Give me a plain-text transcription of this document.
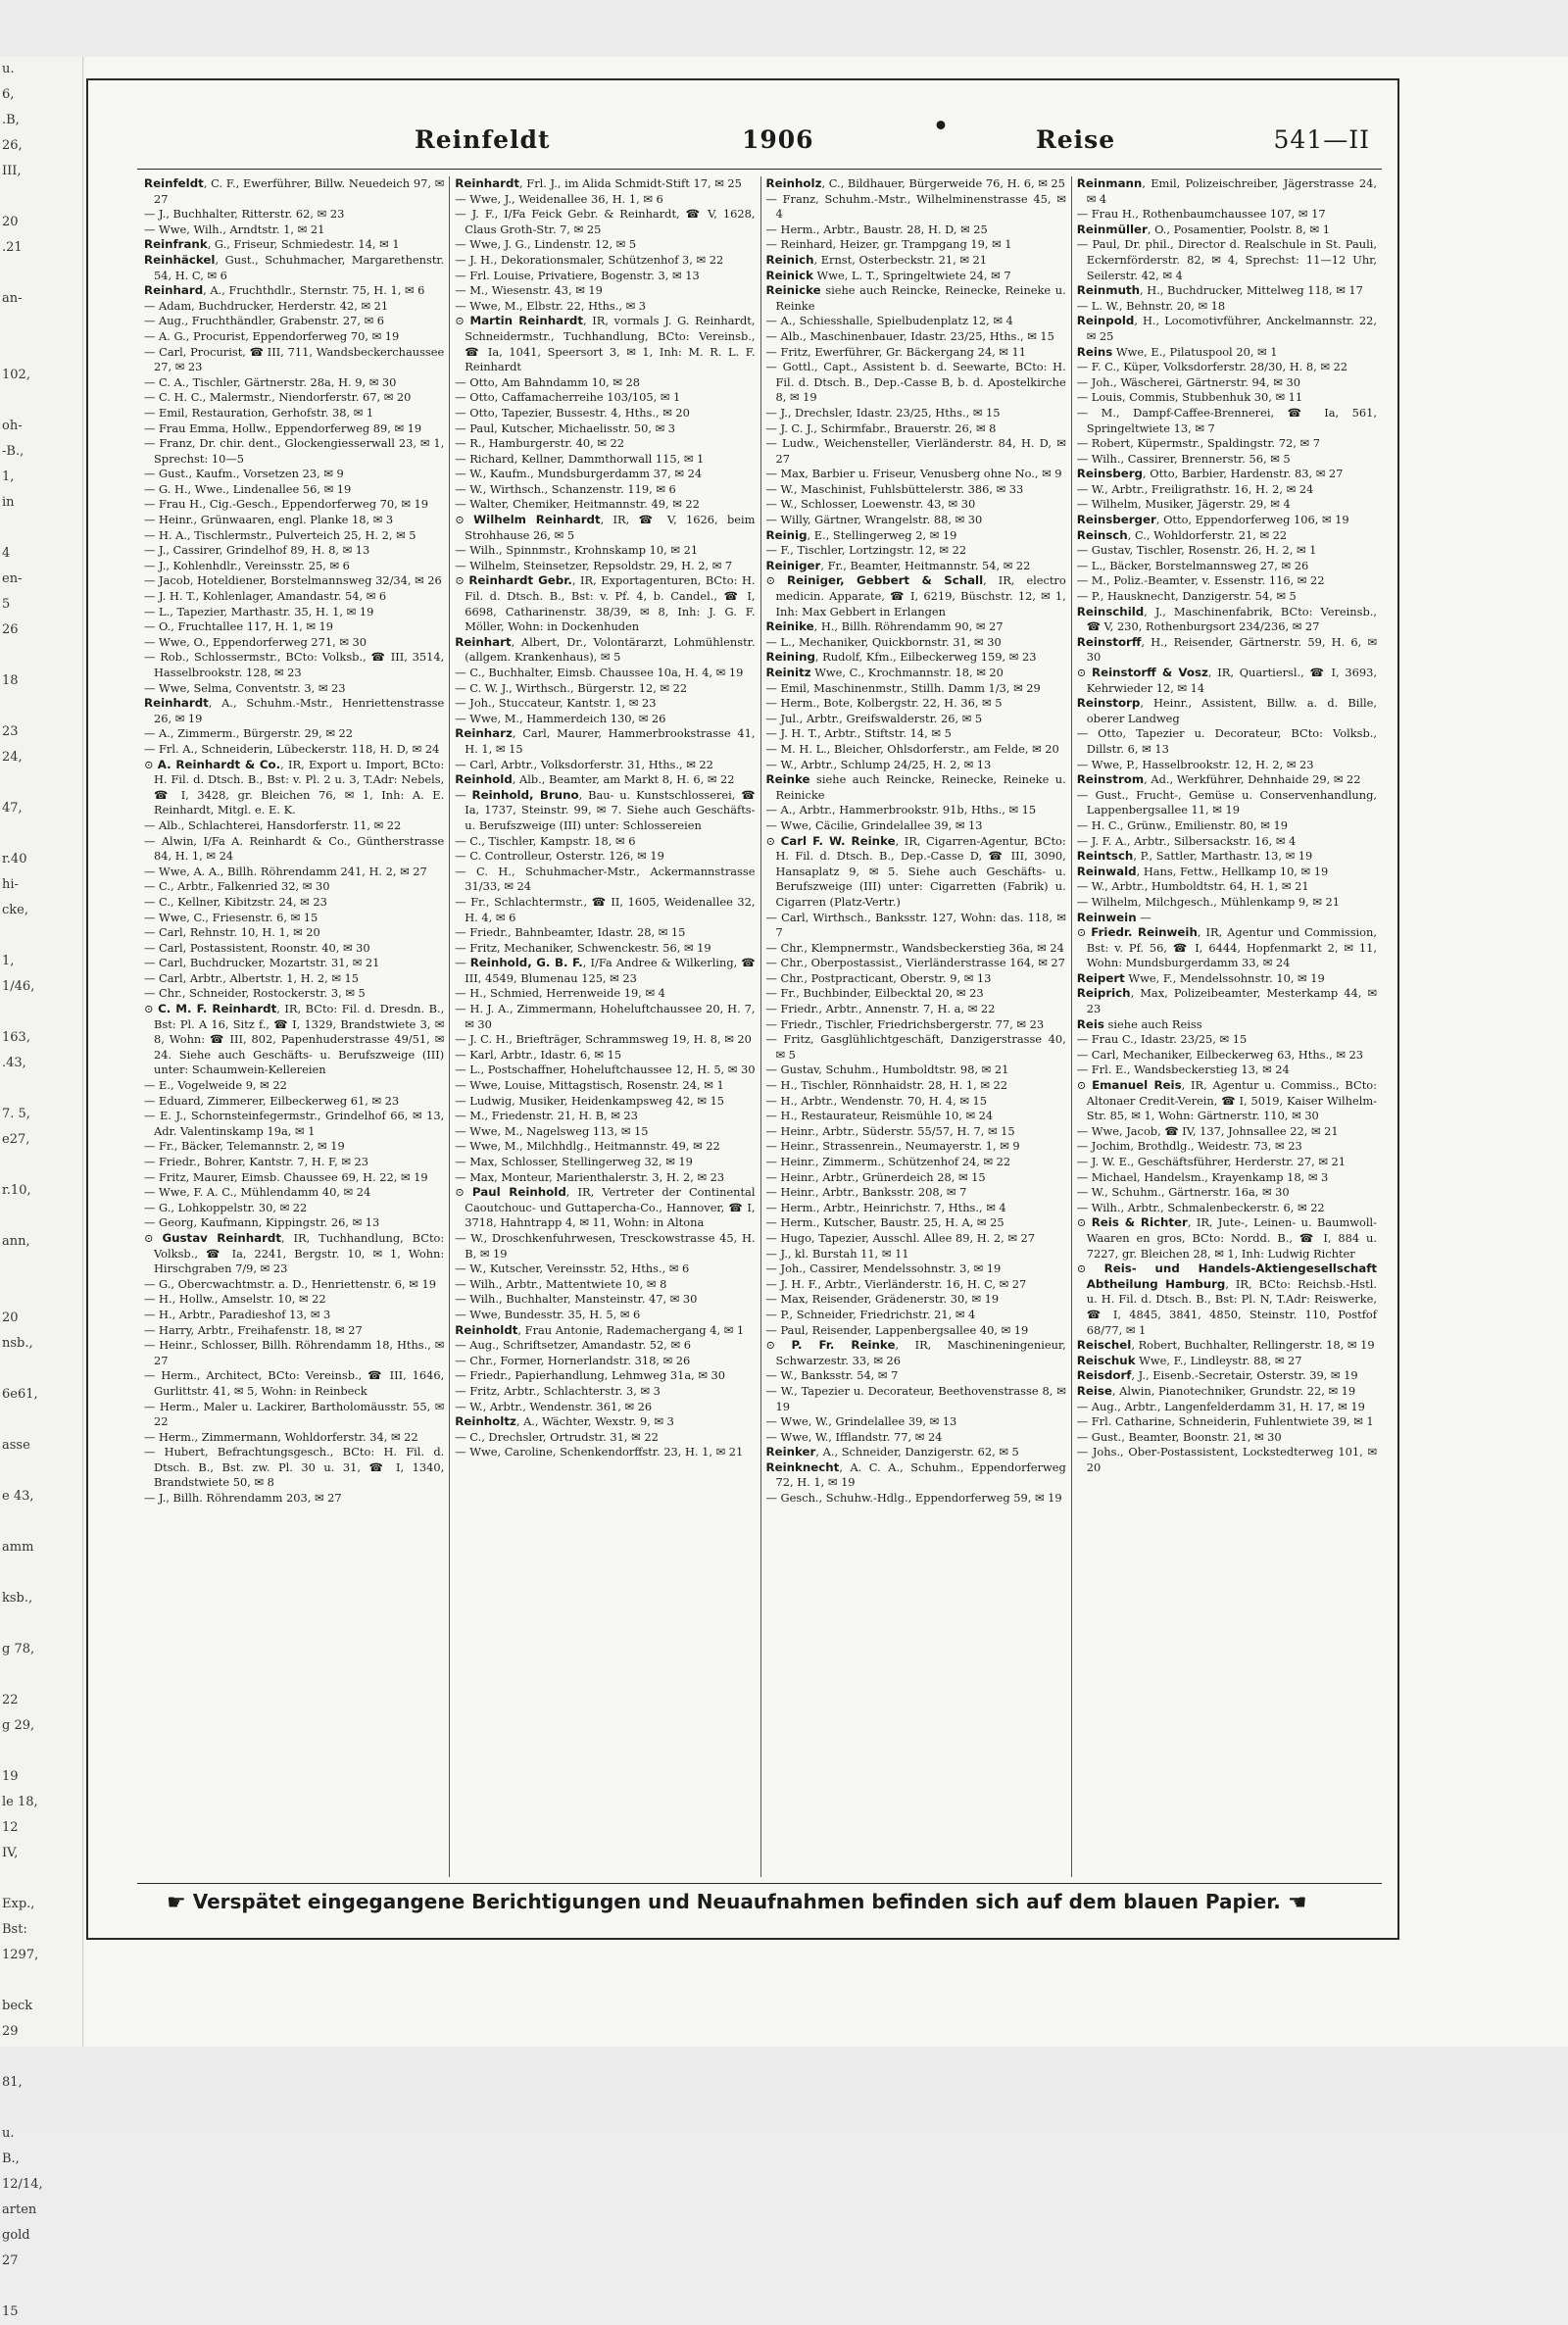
u.
6,
.B,
26,
III,

20
.21

an-

102,

oh-
-B.,
1,
in

4
en-
5
26

18

23
24,

47,

r.40
hi-
cke,

1,
1/46,

163,
.43,

7. 5,
e27,

r.10,

ann,

20
nsb.,

6e61,

asse

e 43,

amm

ksb.,

g 78,

22
g 29,

19
le 18,
12
IV,

Exp.,
Bst:
1297,

beck
29

81,

u.
B.,
12/14,
arten
gold
27

15
Reinfeldt	1906	•	Reise	541—II

Reinfeldt, C. F., Ewerführer, Billw. Neuedeich 97, ✉ 27

— J., Buchhalter, Ritterstr. 62, ✉ 23

— Wwe, Wilh., Arndtstr. 1, ✉ 21

Reinfrank, G., Friseur, Schmiedestr. 14, ✉ 1

Reinhäckel, Gust., Schuhmacher, Margarethenstr. 54, H. C, ✉ 6

Reinhard, A., Fruchthdlr., Sternstr. 75, H. 1, ✉ 6

— Adam, Buchdrucker, Herderstr. 42, ✉ 21

— Aug., Fruchthändler, Grabenstr. 27, ✉ 6

— A. G., Procurist, Eppendorferweg 70, ✉ 19

— Carl, Procurist, ☎ III, 711, Wandsbeckerchaussee 27, ✉ 23

— C. A., Tischler, Gärtnerstr. 28a, H. 9, ✉ 30

— C. H. C., Malermstr., Niendorferstr. 67, ✉ 20

— Emil, Restauration, Gerhofstr. 38, ✉ 1

— Frau Emma, Hollw., Eppendorferweg 89, ✉ 19

— Franz, Dr. chir. dent., Glockengiesserwall 23, ✉ 1, Sprechst: 10—5

— Gust., Kaufm., Vorsetzen 23, ✉ 9

— G. H., Wwe., Lindenallee 56, ✉ 19

— Frau H., Cig.-Gesch., Eppendorferweg 70, ✉ 19

— Heinr., Grünwaaren, engl. Planke 18, ✉ 3

— H. A., Tischlermstr., Pulverteich 25, H. 2, ✉ 5

— J., Cassirer, Grindelhof 89, H. 8, ✉ 13

— J., Kohlenhdlr., Vereinsstr. 25, ✉ 6

— Jacob, Hoteldiener, Borstelmannsweg 32/34, ✉ 26

— J. H. T., Kohlenlager, Amandastr. 54, ✉ 6

— L., Tapezier, Marthastr. 35, H. 1, ✉ 19

— O., Fruchtallee 117, H. 1, ✉ 19

— Wwe, O., Eppendorferweg 271, ✉ 30

— Rob., Schlossermstr., BCto: Volksb., ☎ III, 3514, Hasselbrookstr. 128, ✉ 23

— Wwe, Selma, Conventstr. 3, ✉ 23

Reinhardt, A., Schuhm.-Mstr., Henriettenstrasse 26, ✉ 19

— A., Zimmerm., Bürgerstr. 29, ✉ 22

— Frl. A., Schneiderin, Lübeckerstr. 118, H. D, ✉ 24

⊙ A. Reinhardt & Co., IR, Export u. Import, BCto: H. Fil. d. Dtsch. B., Bst: v. Pl. 2 u. 3, T.Adr: Nebels, ☎ I, 3428, gr. Bleichen 76, ✉ 1, Inh: A. E. Reinhardt, Mitgl. e. E. K.

— Alb., Schlachterei, Hansdorferstr. 11, ✉ 22

— Alwin, I/Fa A. Reinhardt & Co., Güntherstrasse 84, H. 1, ✉ 24

— Wwe, A. A., Billh. Röhrendamm 241, H. 2, ✉ 27

— C., Arbtr., Falkenried 32, ✉ 30

— C., Kellner, Kibitzstr. 24, ✉ 23

— Wwe, C., Friesenstr. 6, ✉ 15

— Carl, Rehnstr. 10, H. 1, ✉ 20

— Carl, Postassistent, Roonstr. 40, ✉ 30

— Carl, Buchdrucker, Mozartstr. 31, ✉ 21

— Carl, Arbtr., Albertstr. 1, H. 2, ✉ 15

— Chr., Schneider, Rostockerstr. 3, ✉ 5

⊙ C. M. F. Reinhardt, IR, BCto: Fil. d. Dresdn. B., Bst: Pl. A 16, Sitz f., ☎ I, 1329, Brandstwiete 3, ✉ 8, Wohn: ☎ III, 802, Papenhuderstrasse 49/51, ✉ 24. Siehe auch Geschäfts- u. Berufszweige (III) unter: Schaumwein-Kellereien

— E., Vogelweide 9, ✉ 22

— Eduard, Zimmerer, Eilbeckerweg 61, ✉ 23

— E. J., Schornsteinfegermstr., Grindelhof 66, ✉ 13, Adr. Valentinskamp 19a, ✉ 1

— Fr., Bäcker, Telemannstr. 2, ✉ 19

— Friedr., Bohrer, Kantstr. 7, H. F, ✉ 23

— Fritz, Maurer, Eimsb. Chaussee 69, H. 22, ✉ 19

— Wwe, F. A. C., Mühlendamm 40, ✉ 24

— G., Lohkoppelstr. 30, ✉ 22

— Georg, Kaufmann, Kippingstr. 26, ✉ 13

⊙ Gustav Reinhardt, IR, Tuchhandlung, BCto: Volksb., ☎ Ia, 2241, Bergstr. 10, ✉ 1, Wohn: Hirschgraben 7/9, ✉ 23

— G., Obercwachtmstr. a. D., Henriettenstr. 6, ✉ 19

— H., Hollw., Amselstr. 10, ✉ 22

— H., Arbtr., Paradieshof 13, ✉ 3

— Harry, Arbtr., Freihafenstr. 18, ✉ 27

— Heinr., Schlosser, Billh. Röhrendamm 18, Hths., ✉ 27

— Herm., Architect, BCto: Vereinsb., ☎ III, 1646, Gurlittstr. 41, ✉ 5, Wohn: in Reinbeck

— Herm., Maler u. Lackirer, Bartholomäusstr. 55, ✉ 22

— Herm., Zimmermann, Wohldorferstr. 34, ✉ 22

— Hubert, Befrachtungsgesch., BCto: H. Fil. d. Dtsch. B., Bst. zw. Pl. 30 u. 31, ☎ I, 1340, Brandstwiete 50, ✉ 8

— J., Billh. Röhrendamm 203, ✉ 27

Reinhardt, Frl. J., im Alida Schmidt-Stift 17, ✉ 25

— Wwe, J., Weidenallee 36, H. 1, ✉ 6

— J. F., I/Fa Feick Gebr. & Reinhardt, ☎ V, 1628, Claus Groth-Str. 7, ✉ 25

— Wwe, J. G., Lindenstr. 12, ✉ 5

— J. H., Dekorationsmaler, Schützenhof 3, ✉ 22

— Frl. Louise, Privatiere, Bogenstr. 3, ✉ 13

— M., Wiesenstr. 43, ✉ 19

— Wwe, M., Elbstr. 22, Hths., ✉ 3

⊙ Martin Reinhardt, IR, vormals J. G. Reinhardt, Schneidermstr., Tuchhandlung, BCto: Vereinsb., ☎ Ia, 1041, Speersort 3, ✉ 1, Inh: M. R. L. F. Reinhardt

— Otto, Am Bahndamm 10, ✉ 28

— Otto, Caffamacherreihe 103/105, ✉ 1

— Otto, Tapezier, Bussestr. 4, Hths., ✉ 20

— Paul, Kutscher, Michaelisstr. 50, ✉ 3

— R., Hamburgerstr. 40, ✉ 22

— Richard, Kellner, Dammthorwall 115, ✉ 1

— W., Kaufm., Mundsburgerdamm 37, ✉ 24

— W., Wirthsch., Schanzenstr. 119, ✉ 6

— Walter, Chemiker, Heitmannstr. 49, ✉ 22

⊙ Wilhelm Reinhardt, IR, ☎ V, 1626, beim Strohhause 26, ✉ 5

— Wilh., Spinnmstr., Krohnskamp 10, ✉ 21

— Wilhelm, Steinsetzer, Repsoldstr. 29, H. 2, ✉ 7

⊙ Reinhardt Gebr., IR, Exportagenturen, BCto: H. Fil. d. Dtsch. B., Bst: v. Pf. 4, b. Candel., ☎ I, 6698, Catharinenstr. 38/39, ✉ 8, Inh: J. G. F. Möller, Wohn: in Dockenhuden

Reinhart, Albert, Dr., Volontärarzt, Lohmühlenstr. (allgem. Krankenhaus), ✉ 5

— C., Buchhalter, Eimsb. Chaussee 10a, H. 4, ✉ 19

— C. W. J., Wirthsch., Bürgerstr. 12, ✉ 22

— Joh., Stuccateur, Kantstr. 1, ✉ 23

— Wwe, M., Hammerdeich 130, ✉ 26

Reinharz, Carl, Maurer, Hammerbrookstrasse 41, H. 1, ✉ 15

— Carl, Arbtr., Volksdorferstr. 31, Hths., ✉ 22

Reinhold, Alb., Beamter, am Markt 8, H. 6, ✉ 22

— Reinhold, Bruno, Bau- u. Kunstschlosserei, ☎ Ia, 1737, Steinstr. 99, ✉ 7. Siehe auch Geschäfts- u. Berufszweige (III) unter: Schlossereien

— C., Tischler, Kampstr. 18, ✉ 6

— C. Controlleur, Osterstr. 126, ✉ 19

— C. H., Schuhmacher-Mstr., Ackermannstrasse 31/33, ✉ 24

— Fr., Schlachtermstr., ☎ II, 1605, Weidenallee 32, H. 4, ✉ 6

— Friedr., Bahnbeamter, Idastr. 28, ✉ 15

— Fritz, Mechaniker, Schwenckestr. 56, ✉ 19

— Reinhold, G. B. F., I/Fa Andree & Wilkerling, ☎ III, 4549, Blumenau 125, ✉ 23

— H., Schmied, Herrenweide 19, ✉ 4

— H. J. A., Zimmermann, Hoheluftchaussee 20, H. 7, ✉ 30

— J. C. H., Briefträger, Schrammsweg 19, H. 8, ✉ 20

— Karl, Arbtr., Idastr. 6, ✉ 15

— L., Postschaffner, Hoheluftchaussee 12, H. 5, ✉ 30

— Wwe, Louise, Mittagstisch, Rosenstr. 24, ✉ 1

— Ludwig, Musiker, Heidenkampsweg 42, ✉ 15

— M., Friedenstr. 21, H. B, ✉ 23

— Wwe, M., Nagelsweg 113, ✉ 15

— Wwe, M., Milchhdlg., Heitmannstr. 49, ✉ 22

— Max, Schlosser, Stellingerweg 32, ✉ 19

— Max, Monteur, Marienthalerstr. 3, H. 2, ✉ 23

⊙ Paul Reinhold, IR, Vertreter der Continental Caoutchouc- und Guttapercha-Co., Hannover, ☎ I, 3718, Hahntrapp 4, ✉ 11, Wohn: in Altona

— W., Droschkenfuhrwesen, Tresckowstrasse 45, H. B, ✉ 19

— W., Kutscher, Vereinsstr. 52, Hths., ✉ 6

— Wilh., Arbtr., Mattentwiete 10, ✉ 8

— Wilh., Buchhalter, Mansteinstr. 47, ✉ 30

— Wwe, Bundesstr. 35, H. 5, ✉ 6

Reinholdt, Frau Antonie, Rademachergang 4, ✉ 1

— Aug., Schriftsetzer, Amandastr. 52, ✉ 6

— Chr., Former, Hornerlandstr. 318, ✉ 26

— Friedr., Papierhandlung, Lehmweg 31a, ✉ 30

— Fritz, Arbtr., Schlachterstr. 3, ✉ 3

— W., Arbtr., Wendenstr. 361, ✉ 26

Reinholtz, A., Wächter, Wexstr. 9, ✉ 3

— C., Drechsler, Ortrudstr. 31, ✉ 22

— Wwe, Caroline, Schenkendorffstr. 23, H. 1, ✉ 21

Reinholz, C., Bildhauer, Bürgerweide 76, H. 6, ✉ 25

— Franz, Schuhm.-Mstr., Wilhelminenstrasse 45, ✉ 4

— Herm., Arbtr., Baustr. 28, H. D, ✉ 25

— Reinhard, Heizer, gr. Trampgang 19, ✉ 1

Reinich, Ernst, Osterbeckstr. 21, ✉ 21

Reinick Wwe, L. T., Springeltwiete 24, ✉ 7

Reinicke siehe auch Reincke, Reinecke, Reineke u. Reinke

— A., Schiesshalle, Spielbudenplatz 12, ✉ 4

— Alb., Maschinenbauer, Idastr. 23/25, Hths., ✉ 15

— Fritz, Ewerführer, Gr. Bäckergang 24, ✉ 11

— Gottl., Capt., Assistent b. d. Seewarte, BCto: H. Fil. d. Dtsch. B., Dep.-Casse B, b. d. Apostelkirche 8, ✉ 19

— J., Drechsler, Idastr. 23/25, Hths., ✉ 15

— J. C. J., Schirmfabr., Brauerstr. 26, ✉ 8

— Ludw., Weichensteller, Vierländerstr. 84, H. D, ✉ 27

— Max, Barbier u. Friseur, Venusberg ohne No., ✉ 9

— W., Maschinist, Fuhlsbüttelerstr. 386, ✉ 33

— W., Schlosser, Loewenstr. 43, ✉ 30

— Willy, Gärtner, Wrangelstr. 88, ✉ 30

Reinig, E., Stellingerweg 2, ✉ 19

— F., Tischler, Lortzingstr. 12, ✉ 22

Reiniger, Fr., Beamter, Heitmannstr. 54, ✉ 22

⊙ Reiniger, Gebbert & Schall, IR, electro medicin. Apparate, ☎ I, 6219, Büschstr. 12, ✉ 1, Inh: Max Gebbert in Erlangen

Reinike, H., Billh. Röhrendamm 90, ✉ 27

— L., Mechaniker, Quickbornstr. 31, ✉ 30

Reining, Rudolf, Kfm., Eilbeckerweg 159, ✉ 23

Reinitz Wwe, C., Krochmannstr. 18, ✉ 20

— Emil, Maschinenmstr., Stillh. Damm 1/3, ✉ 29

— Herm., Bote, Kolbergstr. 22, H. 36, ✉ 5

— Jul., Arbtr., Greifswalderstr. 26, ✉ 5

— J. H. T., Arbtr., Stiftstr. 14, ✉ 5

— M. H. L., Bleicher, Ohlsdorferstr., am Felde, ✉ 20

— W., Arbtr., Schlump 24/25, H. 2, ✉ 13

Reinke siehe auch Reincke, Reinecke, Reineke u. Reinicke

— A., Arbtr., Hammerbrookstr. 91b, Hths., ✉ 15

— Wwe, Cäcilie, Grindelallee 39, ✉ 13

⊙ Carl F. W. Reinke, IR, Cigarren-Agentur, BCto: H. Fil. d. Dtsch. B., Dep.-Casse D, ☎ III, 3090, Hansaplatz 9, ✉ 5. Siehe auch Geschäfts- u. Berufszweige (III) unter: Cigarretten (Fabrik) u. Cigarren (Platz-Vertr.)

— Carl, Wirthsch., Banksstr. 127, Wohn: das. 118, ✉ 7

— Chr., Klempnermstr., Wandsbeckerstieg 36a, ✉ 24

— Chr., Oberpostassist., Vierländerstrasse 164, ✉ 27

— Chr., Postpracticant, Oberstr. 9, ✉ 13

— Fr., Buchbinder, Eilbecktal 20, ✉ 23

— Friedr., Arbtr., Annenstr. 7, H. a, ✉ 22

— Friedr., Tischler, Friedrichsbergerstr. 77, ✉ 23

— Fritz, Gasglühlichtgeschäft, Danzigerstrasse 40, ✉ 5

— Gustav, Schuhm., Humboldtstr. 98, ✉ 21

— H., Tischler, Rönnhaidstr. 28, H. 1, ✉ 22

— H., Arbtr., Wendenstr. 70, H. 4, ✉ 15

— H., Restaurateur, Reismühle 10, ✉ 24

— Heinr., Arbtr., Süderstr. 55/57, H. 7, ✉ 15

— Heinr., Strassenrein., Neumayerstr. 1, ✉ 9

— Heinr., Zimmerm., Schützenhof 24, ✉ 22

— Heinr., Arbtr., Grünerdeich 28, ✉ 15

— Heinr., Arbtr., Banksstr. 208, ✉ 7

— Herm., Arbtr., Heinrichstr. 7, Hths., ✉ 4

— Herm., Kutscher, Baustr. 25, H. A, ✉ 25

— Hugo, Tapezier, Ausschl. Allee 89, H. 2, ✉ 27

— J., kl. Burstah 11, ✉ 11

— Joh., Cassirer, Mendelssohnstr. 3, ✉ 19

— J. H. F., Arbtr., Vierländerstr. 16, H. C, ✉ 27

— Max, Reisender, Grädenerstr. 30, ✉ 19

— P., Schneider, Friedrichstr. 21, ✉ 4

— Paul, Reisender, Lappenbergsallee 40, ✉ 19

⊙ P. Fr. Reinke, IR, Maschineningenieur, Schwarzestr. 33, ✉ 26

— W., Banksstr. 54, ✉ 7

— W., Tapezier u. Decorateur, Beethovenstrasse 8, ✉ 19

— Wwe, W., Grindelallee 39, ✉ 13

— Wwe, W., Ifflandstr. 77, ✉ 24

Reinker, A., Schneider, Danzigerstr. 62, ✉ 5

Reinknecht, A. C. A., Schuhm., Eppendorferweg 72, H. 1, ✉ 19

— Gesch., Schuhw.-Hdlg., Eppendorferweg 59, ✉ 19

Reinmann, Emil, Polizeischreiber, Jägerstrasse 24, ✉ 4

— Frau H., Rothenbaumchaussee 107, ✉ 17

Reinmüller, O., Posamentier, Poolstr. 8, ✉ 1

— Paul, Dr. phil., Director d. Realschule in St. Pauli, Eckernförderstr. 82, ✉ 4, Sprechst: 11—12 Uhr, Seilerstr. 42, ✉ 4

Reinmuth, H., Buchdrucker, Mittelweg 118, ✉ 17

— L. W., Behnstr. 20, ✉ 18

Reinpold, H., Locomotivführer, Anckelmannstr. 22, ✉ 25

Reins Wwe, E., Pilatuspool 20, ✉ 1

— F. C., Küper, Volksdorferstr. 28/30, H. 8, ✉ 22

— Joh., Wäscherei, Gärtnerstr. 94, ✉ 30

— Louis, Commis, Stubbenhuk 30, ✉ 11

— M., Dampf-Caffee-Brennerei, ☎ Ia, 561, Springeltwiete 13, ✉ 7

— Robert, Küpermstr., Spaldingstr. 72, ✉ 7

— Wilh., Cassirer, Brennerstr. 56, ✉ 5

Reinsberg, Otto, Barbier, Hardenstr. 83, ✉ 27

— W., Arbtr., Freiligrathstr. 16, H. 2, ✉ 24

— Wilhelm, Musiker, Jägerstr. 29, ✉ 4

Reinsberger, Otto, Eppendorferweg 106, ✉ 19

Reinsch, C., Wohldorferstr. 21, ✉ 22

— Gustav, Tischler, Rosenstr. 26, H. 2, ✉ 1

— L., Bäcker, Borstelmannsweg 27, ✉ 26

— M., Poliz.-Beamter, v. Essenstr. 116, ✉ 22

— P., Hausknecht, Danzigerstr. 54, ✉ 5

Reinschild, J., Maschinenfabrik, BCto: Vereinsb., ☎ V, 230, Rothenburgsort 234/236, ✉ 27

Reinstorff, H., Reisender, Gärtnerstr. 59, H. 6, ✉ 30

⊙ Reinstorff & Vosz, IR, Quartiersl., ☎ I, 3693, Kehrwieder 12, ✉ 14

Reinstorp, Heinr., Assistent, Billw. a. d. Bille, oberer Landweg

— Otto, Tapezier u. Decorateur, BCto: Volksb., Dillstr. 6, ✉ 13

— Wwe, P., Hasselbrookstr. 12, H. 2, ✉ 23

Reinstrom, Ad., Werkführer, Dehnhaide 29, ✉ 22

— Gust., Frucht-, Gemüse u. Conservenhandlung, Lappenbergsallee 11, ✉ 19

— H. C., Grünw., Emilienstr. 80, ✉ 19

— J. F. A., Arbtr., Silbersackstr. 16, ✉ 4

Reintsch, P., Sattler, Marthastr. 13, ✉ 19

Reinwald, Hans, Fettw., Hellkamp 10, ✉ 19

— W., Arbtr., Humboldtstr. 64, H. 1, ✉ 21

— Wilhelm, Milchgesch., Mühlenkamp 9, ✉ 21

Reinwein —

⊙ Friedr. Reinweih, IR, Agentur und Commission, Bst: v. Pf. 56, ☎ I, 6444, Hopfenmarkt 2, ✉ 11, Wohn: Mundsburgerdamm 33, ✉ 24

Reipert Wwe, F., Mendelssohnstr. 10, ✉ 19

Reiprich, Max, Polizeibeamter, Mesterkamp 44, ✉ 23

Reis siehe auch Reiss

— Frau C., Idastr. 23/25, ✉ 15

— Carl, Mechaniker, Eilbeckerweg 63, Hths., ✉ 23

— Frl. E., Wandsbeckerstieg 13, ✉ 24

⊙ Emanuel Reis, IR, Agentur u. Commiss., BCto: Altonaer Credit-Verein, ☎ I, 5019, Kaiser Wilhelm-Str. 85, ✉ 1, Wohn: Gärtnerstr. 110, ✉ 30

— Wwe, Jacob, ☎ IV, 137, Johnsallee 22, ✉ 21

— Jochim, Brothdlg., Weidestr. 73, ✉ 23

— J. W. E., Geschäftsführer, Herderstr. 27, ✉ 21

— Michael, Handelsm., Krayenkamp 18, ✉ 3

— W., Schuhm., Gärtnerstr. 16a, ✉ 30

— Wilh., Arbtr., Schmalenbeckerstr. 6, ✉ 22

⊙ Reis & Richter, IR, Jute-, Leinen- u. Baumwoll-Waaren en gros, BCto: Nordd. B., ☎ I, 884 u. 7227, gr. Bleichen 28, ✉ 1, Inh: Ludwig Richter

⊙ Reis- und Handels-Aktiengesellschaft Abtheilung Hamburg, IR, BCto: Reichsb.-Hstl. u. H. Fil. d. Dtsch. B., Bst: Pl. N, T.Adr: Reiswerke, ☎ I, 4845, 3841, 4850, Steinstr. 110, Postfof 68/77, ✉ 1

Reischel, Robert, Buchhalter, Rellingerstr. 18, ✉ 19

Reischuk Wwe, F., Lindleystr. 88, ✉ 27

Reisdorf, J., Eisenb.-Secretair, Osterstr. 39, ✉ 19

Reise, Alwin, Pianotechniker, Grundstr. 22, ✉ 19

— Aug., Arbtr., Langenfelderdamm 31, H. 17, ✉ 19

— Frl. Catharine, Schneiderin, Fuhlentwiete 39, ✉ 1

— Gust., Beamter, Boonstr. 21, ✉ 30

— Johs., Ober-Postassistent, Lockstedterweg 101, ✉ 20

☛ Verspätet eingegangene Berichtigungen und Neuaufnahmen befinden sich auf dem blauen Papier. ☚
